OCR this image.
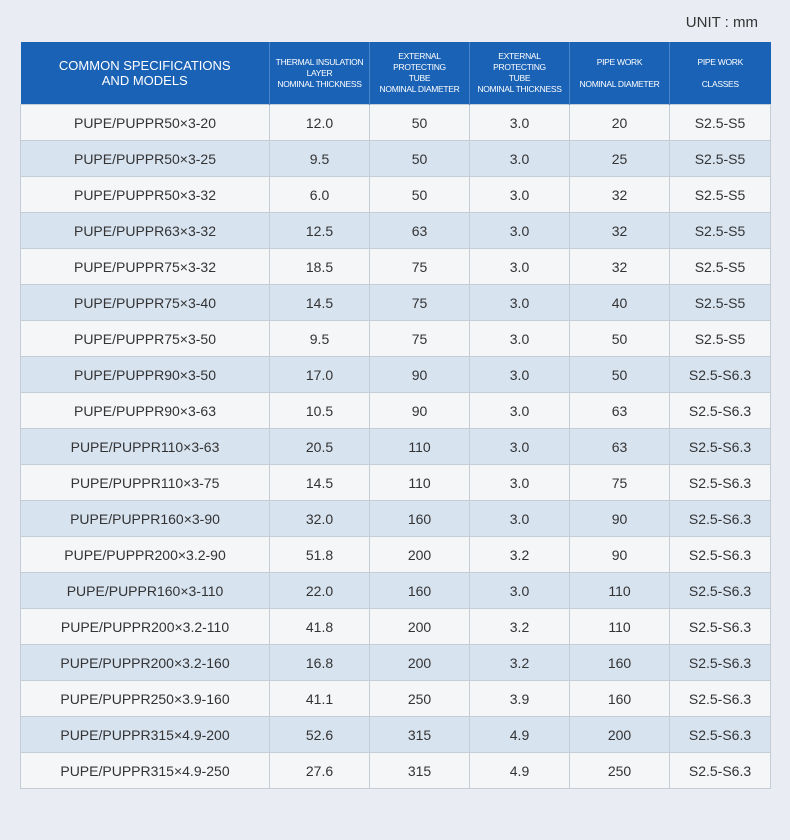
UNIT : mm
COMMON SPECIFICATIONS
AND MODELS	THERMAL INSULATION
LAYER
NOMINAL THICKNESS	EXTERNAL PROTECTING
TUBE
NOMINAL DIAMETER	EXTERNAL PROTECTING
TUBE
NOMINAL THICKNESS	PIPE WORK
NOMINAL DIAMETER	PIPE WORK
CLASSES

PUPE/PUPPR50×3-20	12.0	50	3.0	20	S2.5-S5
PUPE/PUPPR50×3-25	9.5	50	3.0	25	S2.5-S5
PUPE/PUPPR50×3-32	6.0	50	3.0	32	S2.5-S5
PUPE/PUPPR63×3-32	12.5	63	3.0	32	S2.5-S5
PUPE/PUPPR75×3-32	18.5	75	3.0	32	S2.5-S5
PUPE/PUPPR75×3-40	14.5	75	3.0	40	S2.5-S5
PUPE/PUPPR75×3-50	9.5	75	3.0	50	S2.5-S5
PUPE/PUPPR90×3-50	17.0	90	3.0	50	S2.5-S6.3
PUPE/PUPPR90×3-63	10.5	90	3.0	63	S2.5-S6.3
PUPE/PUPPR110×3-63	20.5	110	3.0	63	S2.5-S6.3
PUPE/PUPPR110×3-75	14.5	110	3.0	75	S2.5-S6.3
PUPE/PUPPR160×3-90	32.0	160	3.0	90	S2.5-S6.3
PUPE/PUPPR200×3.2-90	51.8	200	3.2	90	S2.5-S6.3
PUPE/PUPPR160×3-110	22.0	160	3.0	110	S2.5-S6.3
PUPE/PUPPR200×3.2-110	41.8	200	3.2	110	S2.5-S6.3
PUPE/PUPPR200×3.2-160	16.8	200	3.2	160	S2.5-S6.3
PUPE/PUPPR250×3.9-160	41.1	250	3.9	160	S2.5-S6.3
PUPE/PUPPR315×4.9-200	52.6	315	4.9	200	S2.5-S6.3
PUPE/PUPPR315×4.9-250	27.6	315	4.9	250	S2.5-S6.3
